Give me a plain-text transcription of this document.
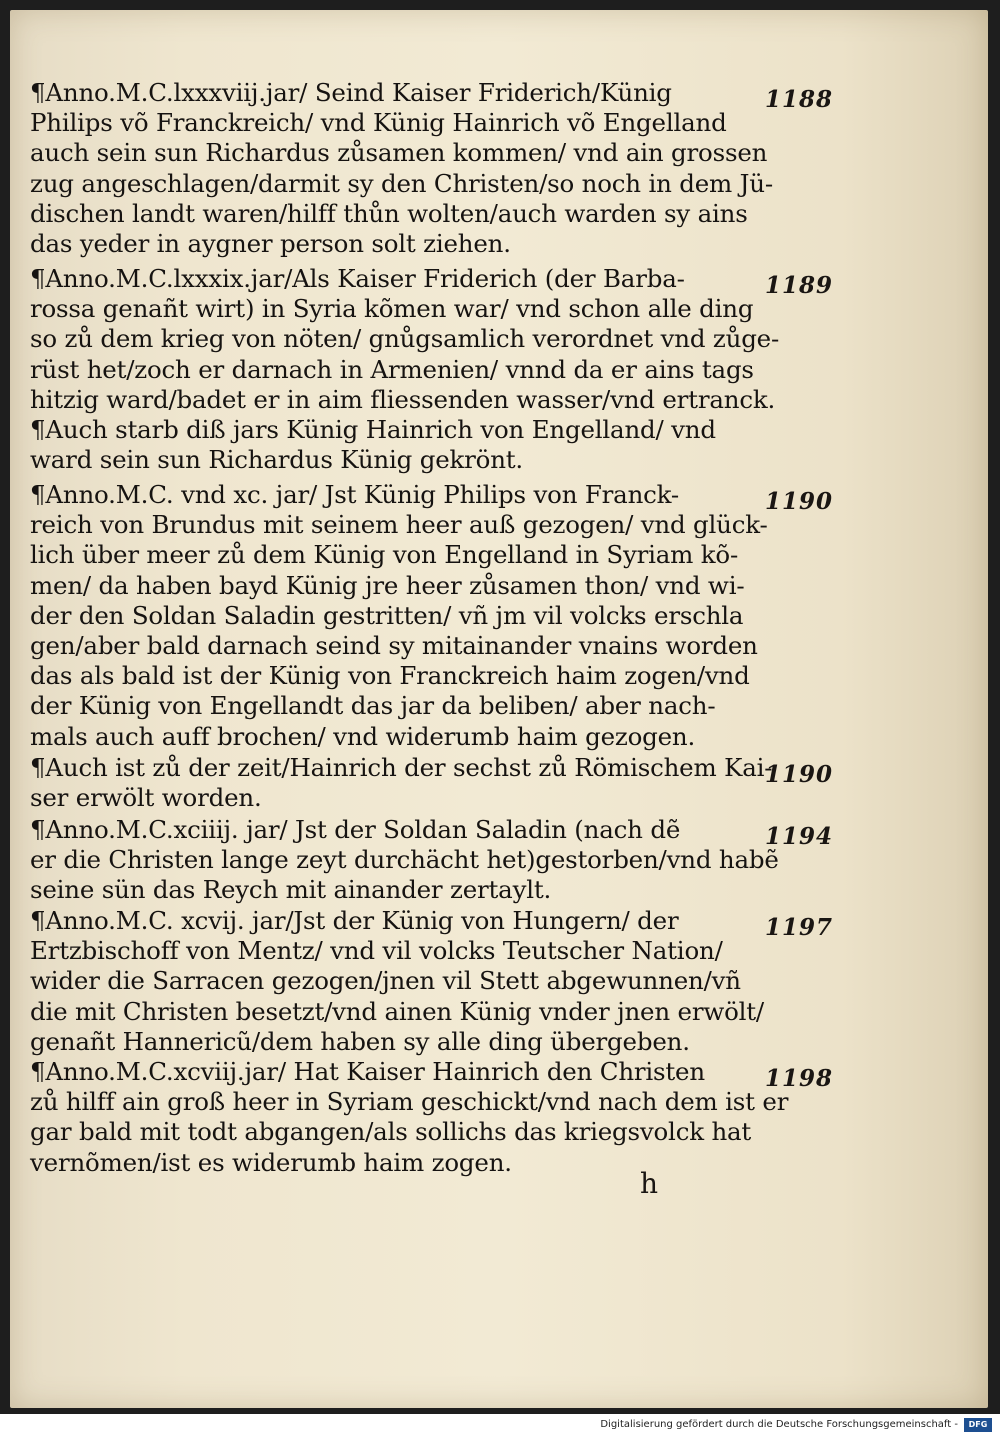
¶Anno.M.C.lxxxviij.jar/ Seind Kaiser Friderich/Künig
Philips võ Franckreich/ vnd Künig Hainrich võ Engelland
auch sein sun Richardus zůsamen kommen/ vnd ain grossen
zug angeschlagen/darmit sy den Christen/so noch in dem Jü-
dischen landt waren/hilff thůn wolten/auch warden sy ains
das yeder in aygner person solt ziehen.
1188
¶Anno.M.C.lxxxix.jar/Als Kaiser Friderich (der Barba-
rossa genañt wirt) in Syria kõmen war/ vnd schon alle ding
so zů dem krieg von nöten/ gnůgsamlich verordnet vnd zůge-
rüst het/zoch er darnach in Armenien/ vnnd da er ains tags
hitzig ward/badet er in aim fliessenden wasser/vnd ertranck.
¶Auch starb diß jars Künig Hainrich von Engelland/ vnd
ward sein sun Richardus Künig gekrönt.
1189
¶Anno.M.C. vnd xc. jar/ Jst Künig Philips von Franck-
reich von Brundus mit seinem heer auß gezogen/ vnd glück-
lich über meer zů dem Künig von Engelland in Syriam kõ-
men/ da haben bayd Künig jre heer zůsamen thon/ vnd wi-
der den Soldan Saladin gestritten/ vñ jm vil volcks erschla
gen/aber bald darnach seind sy mitainander vnains worden
das als bald ist der Künig von Franckreich haim zogen/vnd
der Künig von Engellandt das jar da beliben/ aber nach-
mals auch auff brochen/ vnd widerumb haim gezogen.
1190
¶Auch ist zů der zeit/Hainrich der sechst zů Römischem Kai-
ser erwölt worden.
1190
¶Anno.M.C.xciiij. jar/ Jst der Soldan Saladin (nach dẽ
er die Christen lange zeyt durchächt het)gestorben/vnd habẽ
seine sün das Reych mit ainander zertaylt.
1194
¶Anno.M.C. xcvij. jar/Jst der Künig von Hungern/ der
Ertzbischoff von Mentz/ vnd vil volcks Teutscher Nation/
wider die Sarracen gezogen/jnen vil Stett abgewunnen/vñ
die mit Christen besetzt/vnd ainen Künig vnder jnen erwölt/
genañt Hannericũ/dem haben sy alle ding übergeben.
1197
¶Anno.M.C.xcviij.jar/ Hat Kaiser Hainrich den Christen
zů hilff ain groß heer in Syriam geschickt/vnd nach dem ist er
gar bald mit todt abgangen/als sollichs das kriegsvolck hat
vernõmen/ist es widerumb haim zogen.
1198
h
Digitalisierung gefördert durch die Deutsche Forschungsgemeinschaft -	DFG
